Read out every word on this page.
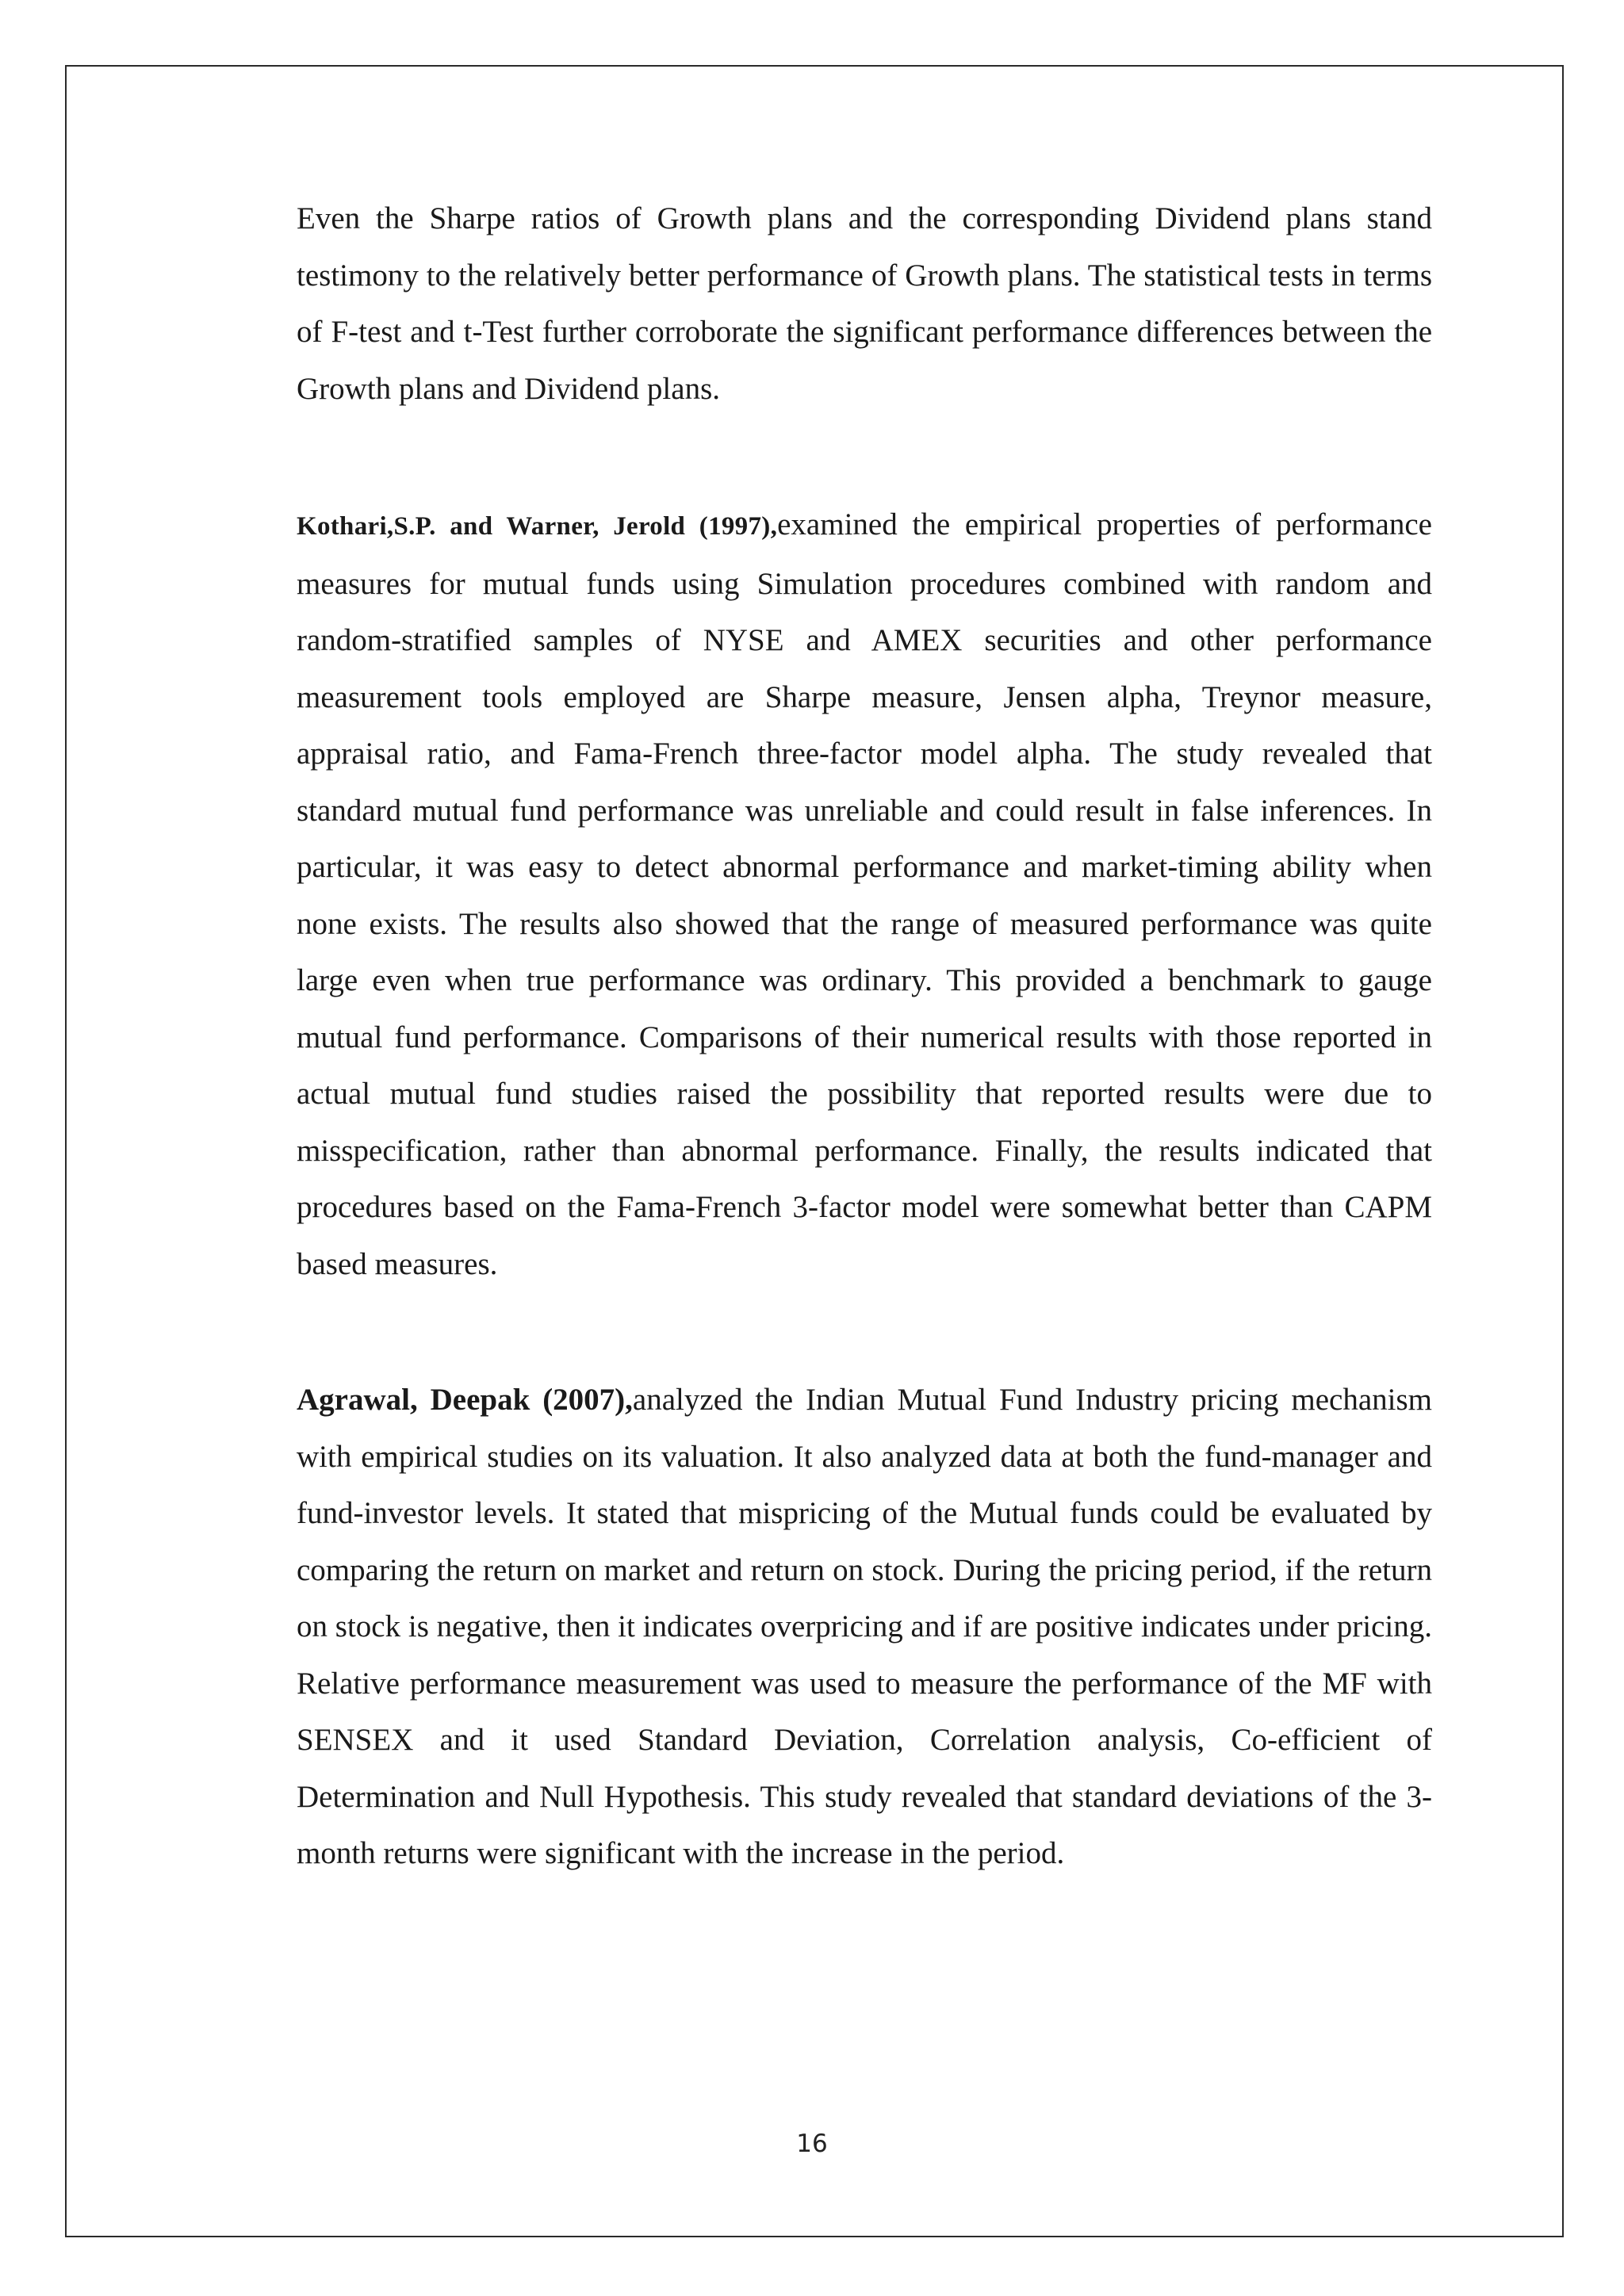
Even the Sharpe ratios of Growth plans and the corresponding Dividend plans stand testimony to the relatively better performance of Growth plans. The statistical tests in terms of F-test and t-Test further corroborate the significant performance differences between the Growth plans and Dividend plans.

Kothari,S.P. and Warner, Jerold (1997),examined the empirical properties of performance measures for mutual funds using Simulation procedures combined with random and random-stratified samples of NYSE and AMEX securities and other performance measurement tools employed are Sharpe measure, Jensen alpha, Treynor measure, appraisal ratio, and Fama-French three-factor model alpha. The study revealed that standard mutual fund performance was unreliable and could result in false inferences. In particular, it was easy to detect abnormal performance and market-timing ability when none exists. The results also showed that the range of measured performance was quite large even when true performance was ordinary. This provided a benchmark to gauge mutual fund performance. Comparisons of their numerical results with those reported in actual mutual fund studies raised the possibility that reported results were due to misspecification, rather than abnormal performance. Finally, the results indicated that procedures based on the Fama-French 3-factor model were somewhat better than CAPM based measures.

Agrawal, Deepak (2007),analyzed the Indian Mutual Fund Industry pricing mechanism with empirical studies on its valuation. It also analyzed data at both the fund-manager and fund-investor levels. It stated that mispricing of the Mutual funds could be evaluated by comparing the return on market and return on stock. During the pricing period, if the return on stock is negative, then it indicates overpricing and if are positive indicates under pricing. Relative performance measurement was used to measure the performance of the MF with SENSEX and it used Standard Deviation, Correlation analysis, Co-efficient of Determination and Null Hypothesis. This study revealed that standard deviations of the 3-month returns were significant with the increase in the period.

16
